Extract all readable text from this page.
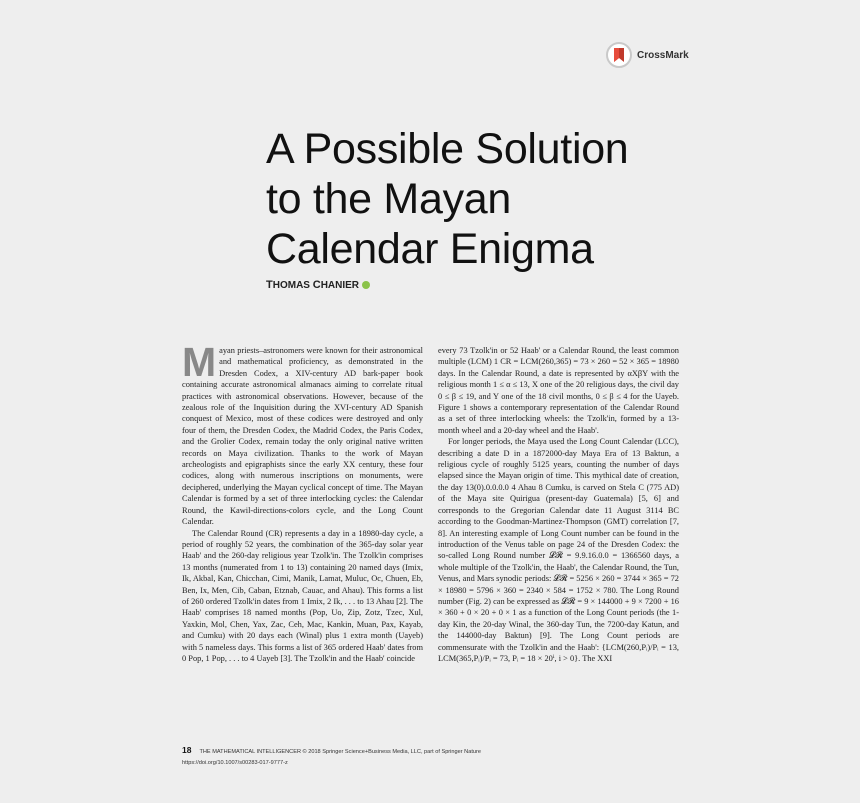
CrossMark
A Possible Solution
to the Mayan
Calendar Enigma
THOMAS CHANIER

Mayan priests–astronomers were known for their astronomical and mathematical proficiency, as demonstrated in the Dresden Codex, a XIV-century AD bark-paper book containing accurate astronomical almanacs aiming to correlate ritual practices with astronomical observations. However, because of the zealous role of the Inquisition during the XVI-century AD Spanish conquest of Mexico, most of these codices were destroyed and only four of them, the Dresden Codex, the Madrid Codex, the Paris Codex, and the Grolier Codex, remain today the only original native written records on Maya civilization. Thanks to the work of Mayan archeologists and epigraphists since the early XX century, these four codices, along with numerous inscriptions on monuments, were deciphered, underlying the Mayan cyclical concept of time. The Mayan Calendar is formed by a set of three interlocking cycles: the Calendar Round, the Kawil-directions-colors cycle, and the Long Count Calendar.

The Calendar Round (CR) represents a day in a 18980-day cycle, a period of roughly 52 years, the combination of the 365-day solar year Haab' and the 260-day religious year Tzolk'in. The Tzolk'in comprises 13 months (numerated from 1 to 13) containing 20 named days (Imix, Ik, Akbal, Kan, Chicchan, Cimi, Manik, Lamat, Muluc, Oc, Chuen, Eb, Ben, Ix, Men, Cib, Caban, Etznab, Cauac, and Ahau). This forms a list of 260 ordered Tzolk'in dates from 1 Imix, 2 Ik, . . . to 13 Ahau [2]. The Haab' comprises 18 named months (Pop, Uo, Zip, Zotz, Tzec, Xul, Yaxkin, Mol, Chen, Yax, Zac, Ceh, Mac, Kankin, Muan, Pax, Kayab, and Cumku) with 20 days each (Winal) plus 1 extra month (Uayeb) with 5 nameless days. This forms a list of 365 ordered Haab' dates from 0 Pop, 1 Pop, . . . to 4 Uayeb [3]. The Tzolk'in and the Haab' coincide

every 73 Tzolk'in or 52 Haab' or a Calendar Round, the least common multiple (LCM) 1 CR = LCM(260,365) = 73 × 260 = 52 × 365 = 18980 days. In the Calendar Round, a date is represented by αXβY with the religious month 1 ≤ α ≤ 13, X one of the 20 religious days, the civil day 0 ≤ β ≤ 19, and Y one of the 18 civil months, 0 ≤ β ≤ 4 for the Uayeb. Figure 1 shows a contemporary representation of the Calendar Round as a set of three interlocking wheels: the Tzolk'in, formed by a 13-month wheel and a 20-day wheel and the Haab'.

For longer periods, the Maya used the Long Count Calendar (LCC), describing a date D in a 1872000-day Maya Era of 13 Baktun, a religious cycle of roughly 5125 years, counting the number of days elapsed since the Mayan origin of time. This mythical date of creation, the day 13(0).0.0.0.0 4 Ahau 8 Cumku, is carved on Stela C (775 AD) of the Maya site Quirigua (present-day Guatemala) [5, 6] and corresponds to the Gregorian Calendar date 11 August 3114 BC according to the Goodman-Martinez-Thompson (GMT) correlation [7, 8]. An interesting example of Long Count number can be found in the introduction of the Venus table on page 24 of the Dresden Codex: the so-called Long Round number 𝓛𝓡 = 9.9.16.0.0 = 1366560 days, a whole multiple of the Tzolk'in, the Haab', the Calendar Round, the Tun, Venus, and Mars synodic periods: 𝓛𝓡 = 5256 × 260 = 3744 × 365 = 72 × 18980 = 5796 × 360 = 2340 × 584 = 1752 × 780. The Long Round number (Fig. 2) can be expressed as 𝓛𝓡 = 9 × 144000 + 9 × 7200 + 16 × 360 + 0 × 20 + 0 × 1 as a function of the Long Count periods (the 1-day Kin, the 20-day Winal, the 360-day Tun, the 7200-day Katun, and the 144000-day Baktun) [9]. The Long Count periods are commensurate with the Tzolk'in and the Haab': {LCM(260,Pᵢ)/Pᵢ = 13, LCM(365,Pᵢ)/Pᵢ = 73, Pᵢ = 18 × 20ⁱ, i > 0}. The XXI

18 THE MATHEMATICAL INTELLIGENCER © 2018 Springer Science+Business Media, LLC, part of Springer Nature
https://doi.org/10.1007/s00283-017-9777-z
